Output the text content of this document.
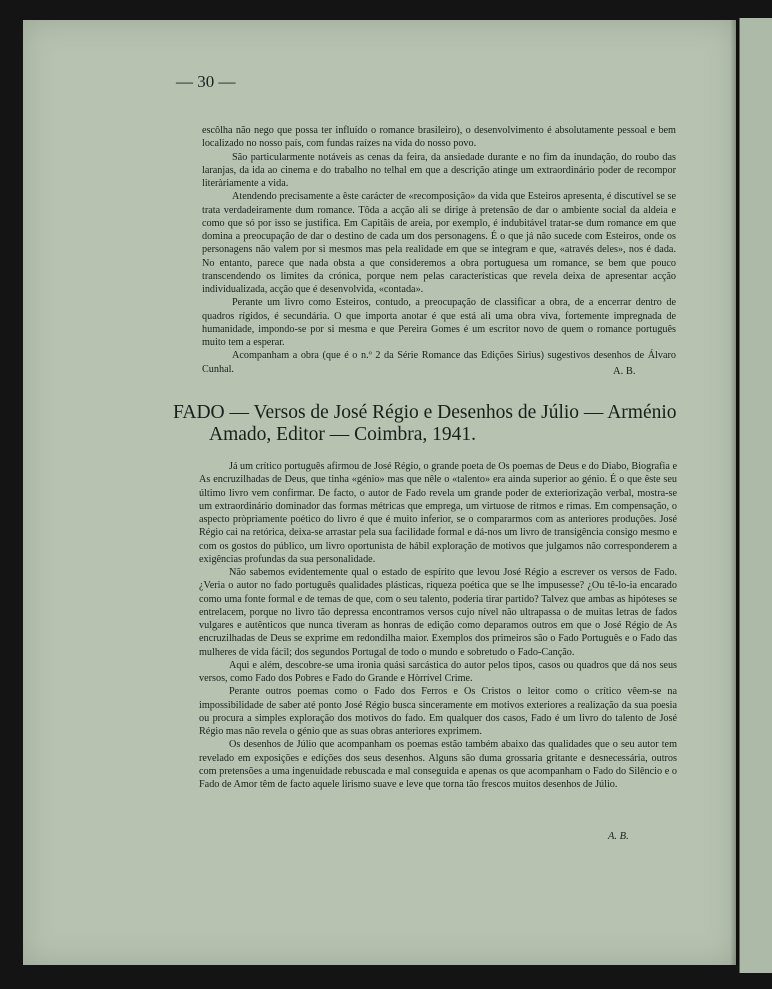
— 30 —

escôlha não nego que possa ter influído o romance brasileiro), o desenvolvimento é absolutamente pessoal e bem localizado no nosso país, com fundas raízes na vida do nosso povo.

São particularmente notáveis as cenas da feira, da ansiedade durante e no fim da inundação, do roubo das laranjas, da ida ao cinema e do trabalho no telhal em que a descrição atinge um extraordinário poder de recompor literàriamente a vida.

Atendendo precisamente a êste carácter de «recomposição» da vida que Esteiros apresenta, é discutível se se trata verdadeiramente dum romance. Tôda a acção ali se dirige à pretensão de dar o ambiente social da aldeia e como que só por isso se justifica. Em Capitãis de areia, por exemplo, é indubitável tratar-se dum romance em que domina a preocupação de dar o destino de cada um dos personagens. É o que já não sucede com Esteiros, onde os personagens não valem por si mesmos mas pela realidade em que se integram e que, «através deles», nos é dada. No entanto, parece que nada obsta a que consideremos a obra portuguesa um romance, se bem que pouco transcendendo os limites da crónica, porque nem pelas características que revela deixa de apresentar acção individualizada, acção que é desenvolvida, «contada».

Perante um livro como Esteiros, contudo, a preocupação de classificar a obra, de a encerrar dentro de quadros rígidos, é secundária. O que importa anotar é que está ali uma obra viva, fortemente impregnada de humanidade, impondo-se por si mesma e que Pereira Gomes é um escritor novo de quem o romance português muito tem a esperar.

Acompanham a obra (que é o n.º 2 da Série Romance das Edições Sirius) sugestivos desenhos de Álvaro Cunhal.	A. B.
FADO — Versos de José Régio e Desenhos de Júlio — Arménio
Amado, Editor — Coimbra, 1941.

Já um crítico português afirmou de José Régio, o grande poeta de Os poemas de Deus e do Diabo, Biografia e As encruzilhadas de Deus, que tinha «génio» mas que nêle o «talento» era ainda superior ao génio. É o que êste seu último livro vem confirmar. De facto, o autor de Fado revela um grande poder de exteriorização verbal, mostra-se um extraordinário dominador das formas métricas que emprega, um virtuose de ritmos e rimas. Em compensação, o aspecto pròpriamente poético do livro é que é muito inferior, se o compararmos com as anteriores produções. José Régio cai na retórica, deixa-se arrastar pela sua facilidade formal e dá-nos um livro de transigência consigo mesmo e com os gostos do público, um livro oportunista de hábil exploração de motivos que julgamos não corresponderem a exigências profundas da sua personalidade.

Não sabemos evidentemente qual o estado de espírito que levou José Régio a escrever os versos de Fado. ¿Veria o autor no fado português qualidades plásticas, riqueza poética que se lhe impusesse? ¿Ou tê-lo-ia encarado como uma fonte formal e de temas de que, com o seu talento, poderia tirar partido? Talvez que ambas as hipóteses se entrelacem, porque no livro tão depressa encontramos versos cujo nível não ultrapassa o de muitas letras de fados vulgares e autênticos que nunca tiveram as honras de edição como deparamos outros em que o José Régio de As encruzilhadas de Deus se exprime em redondilha maior. Exemplos dos primeiros são o Fado Português e o Fado das mulheres de vida fácil; dos segundos Portugal de todo o mundo e sobretudo o Fado-Canção.

Aqui e além, descobre-se uma ironia quási sarcástica do autor pelos tipos, casos ou quadros que dá nos seus versos, como Fado dos Pobres e Fado do Grande e Hòrrível Crime.

Perante outros poemas como o Fado dos Ferros e Os Cristos o leitor como o crítico vêem-se na impossibilidade de saber até ponto José Régio busca sinceramente em motivos exteriores a realização da sua poesia ou procura a simples exploração dos motivos do fado. Em qualquer dos casos, Fado é um livro do talento de José Régio mas não revela o génio que as suas obras anteriores exprimem.

Os desenhos de Júlio que acompanham os poemas estão também abaixo das qualidades que o seu autor tem revelado em exposições e edições dos seus desenhos. Alguns são duma grossaria gritante e desnecessária, outros com pretensões a uma ingenuidade rebuscada e mal conseguida e apenas os que acompanham o Fado do Silêncio e o Fado de Amor têm de facto aquele lirismo suave e leve que torna tão frescos muitos desenhos de Júlio.

A. B.
